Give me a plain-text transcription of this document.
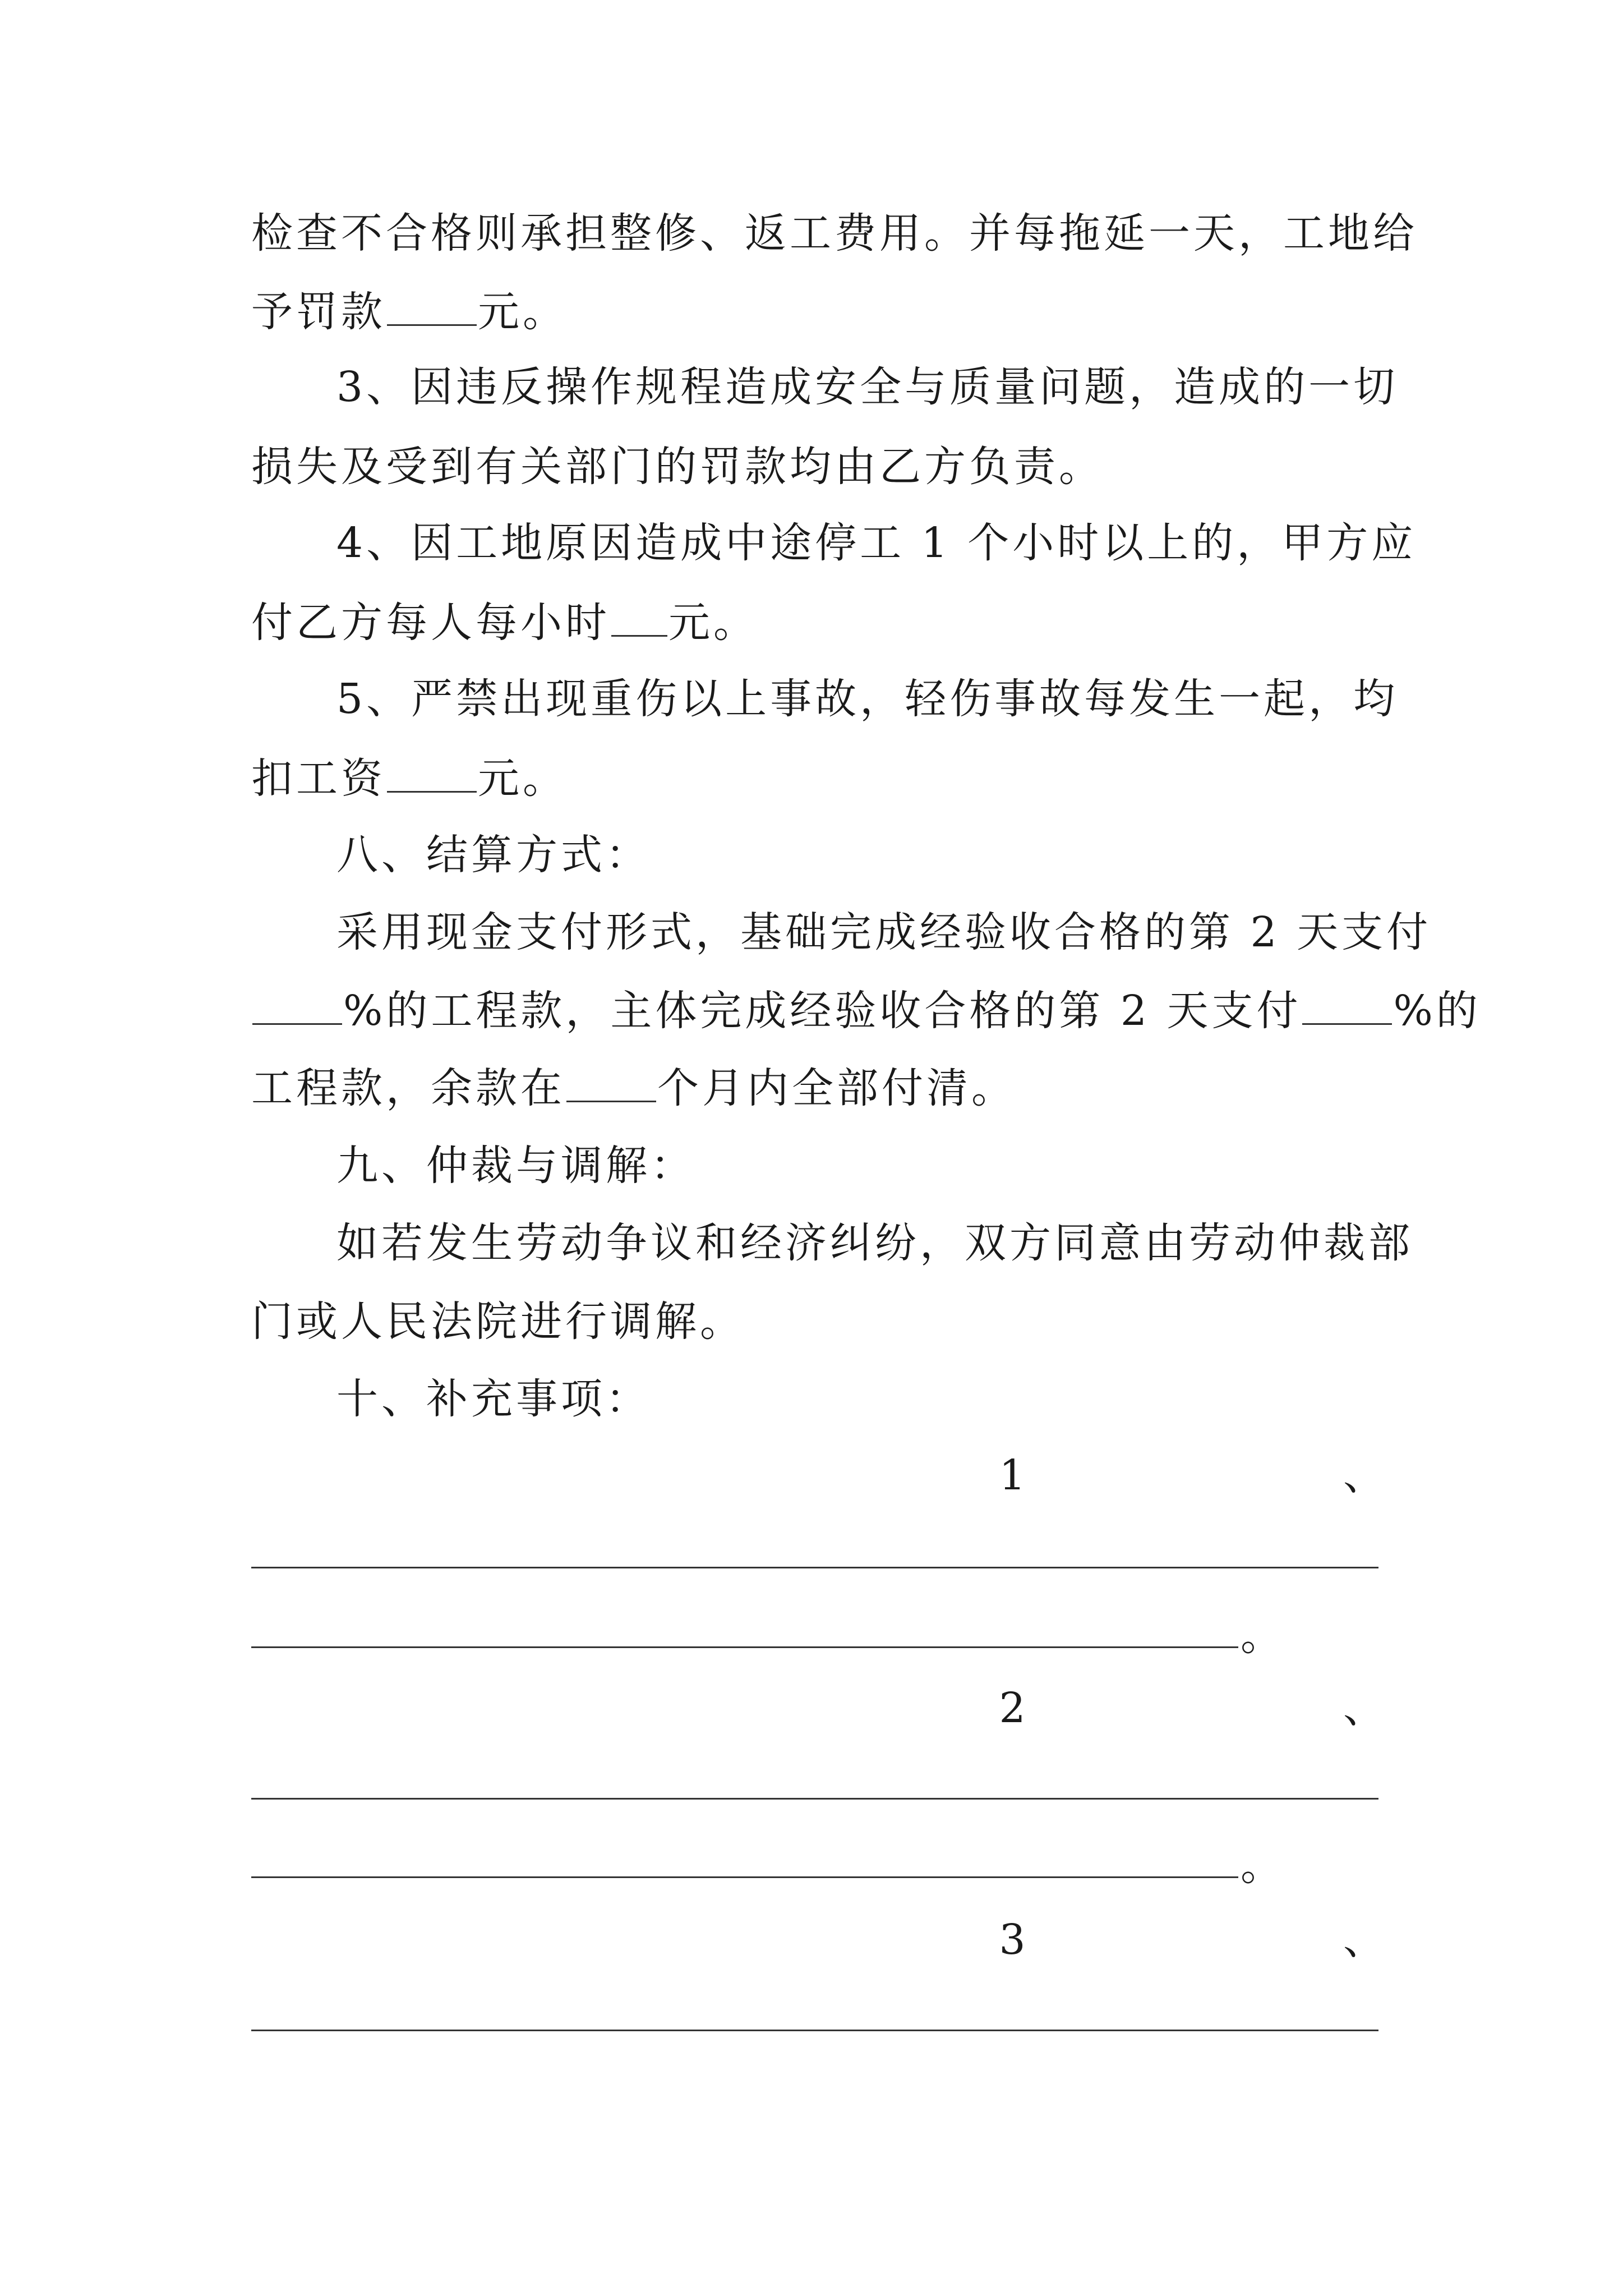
检查不合格则承担整修、返工费用。并每拖延一天，工地给
予罚款 元。
3、因违反操作规程造成安全与质量问题，造成的一切
损失及受到有关部门的罚款均由乙方负责。
4、因工地原因造成中途停工 1 个小时以上的，甲方应
付乙方每人每小时 元。
5、严禁出现重伤以上事故，轻伤事故每发生一起，均
扣工资 元。
八、结算方式：
采用现金支付形式，基础完成经验收合格的第 2 天支付
%的工程款，主体完成经验收合格的第 2 天支付 %的
工程款，余款在 个月内全部付清。
九、仲裁与调解：
如若发生劳动争议和经济纠纷，双方同意由劳动仲裁部
门或人民法院进行调解。
十、补充事项：
1	、
。
2	、
。
3	、
